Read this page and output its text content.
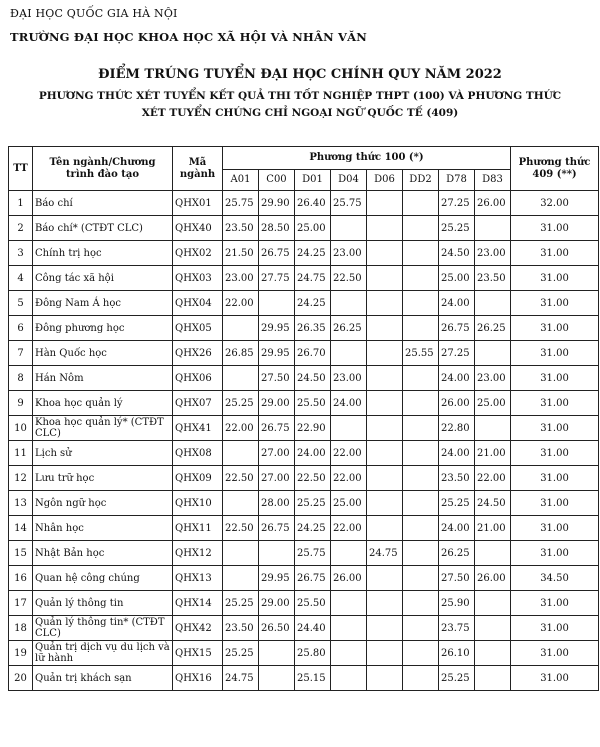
ĐẠI HỌC QUỐC GIA HÀ NỘI
TRƯỜNG ĐẠI HỌC KHOA HỌC XÃ HỘI VÀ NHÂN VĂN
ĐIỂM TRÚNG TUYỂN ĐẠI HỌC CHÍNH QUY NĂM 2022
PHƯƠNG THỨC XÉT TUYỂN KẾT QUẢ THI TỐT NGHIỆP THPT (100) VÀ PHƯƠNG THỨC
XÉT TUYỂN CHỨNG CHỈ NGOẠI NGỮ QUỐC TẾ (409)
TT	Tên ngành/Chương trình đào tạo	Mã ngành	Phương thức 100 (*)								Phương thức 409 (**)
			A01	C00	D01	D04	D06	DD2	D78	D83	
1	Báo chí	QHX01	25.75	29.90	26.40	25.75			27.25	26.00	32.00
2	Báo chí* (CTĐT CLC)	QHX40	23.50	28.50	25.00				25.25		31.00
3	Chính trị học	QHX02	21.50	26.75	24.25	23.00			24.50	23.00	31.00
4	Công tác xã hội	QHX03	23.00	27.75	24.75	22.50			25.00	23.50	31.00
5	Đông Nam Á học	QHX04	22.00		24.25				24.00		31.00
6	Đông phương học	QHX05		29.95	26.35	26.25			26.75	26.25	31.00
7	Hàn Quốc học	QHX26	26.85	29.95	26.70			25.55	27.25		31.00
8	Hán Nôm	QHX06		27.50	24.50	23.00			24.00	23.00	31.00
9	Khoa học quản lý	QHX07	25.25	29.00	25.50	24.00			26.00	25.00	31.00
10	Khoa học quản lý* (CTĐT CLC)	QHX41	22.00	26.75	22.90				22.80		31.00
11	Lịch sử	QHX08		27.00	24.00	22.00			24.00	21.00	31.00
12	Lưu trữ học	QHX09	22.50	27.00	22.50	22.00			23.50	22.00	31.00
13	Ngôn ngữ học	QHX10		28.00	25.25	25.00			25.25	24.50	31.00
14	Nhân học	QHX11	22.50	26.75	24.25	22.00			24.00	21.00	31.00
15	Nhật Bản học	QHX12			25.75		24.75		26.25		31.00
16	Quan hệ công chúng	QHX13		29.95	26.75	26.00			27.50	26.00	34.50
17	Quản lý thông tin	QHX14	25.25	29.00	25.50				25.90		31.00
18	Quản lý thông tin* (CTĐT CLC)	QHX42	23.50	26.50	24.40				23.75		31.00
19	Quản trị dịch vụ du lịch và lữ hành	QHX15	25.25		25.80				26.10		31.00
20	Quản trị khách sạn	QHX16	24.75		25.15				25.25		31.00
